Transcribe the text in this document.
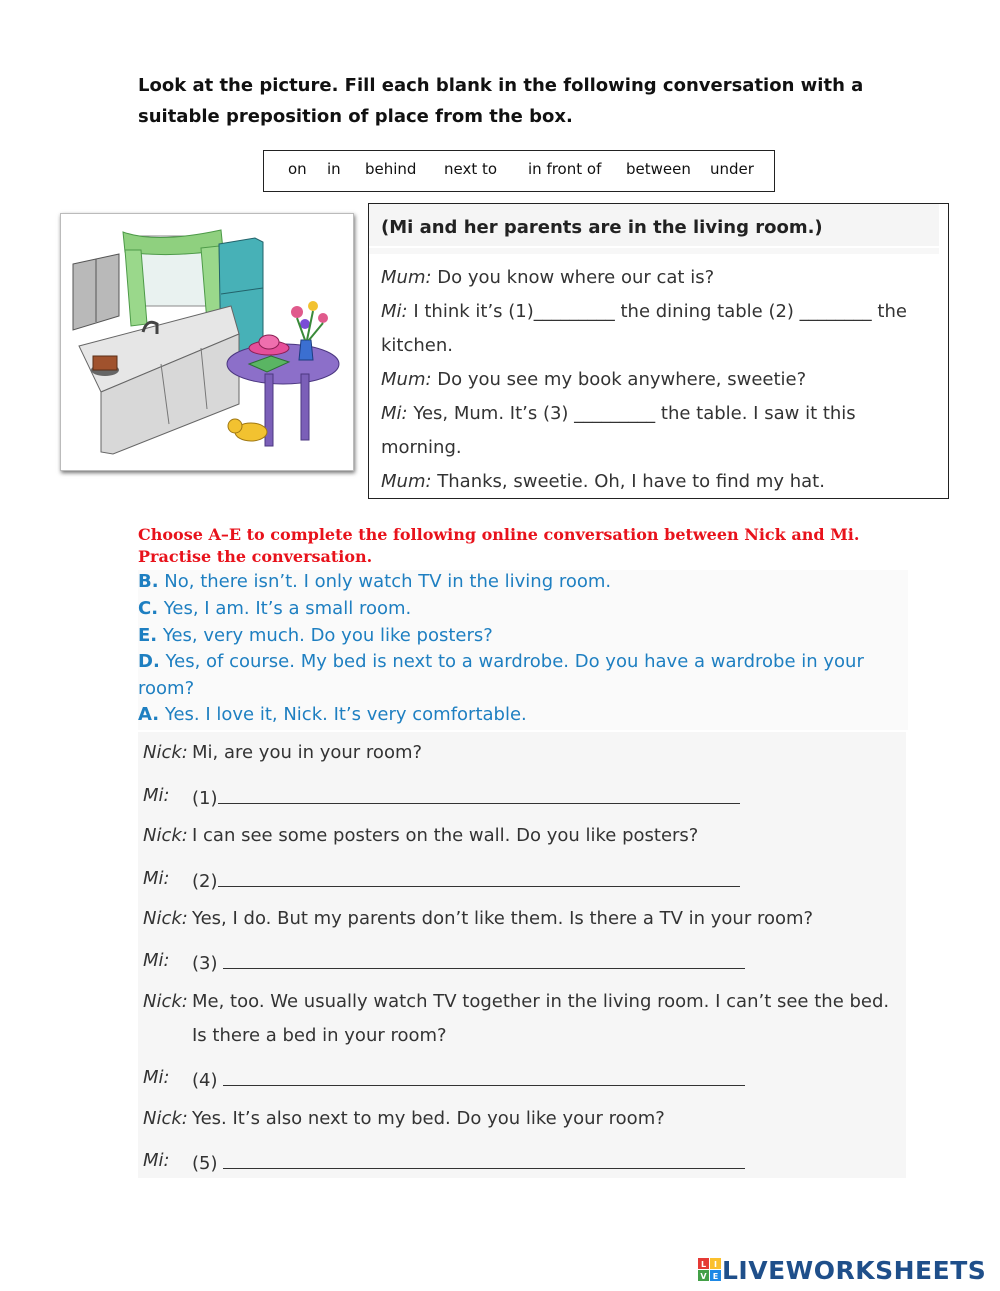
Look at the picture. Fill each blank in the following conversation with a suitable preposition of place from the box.
on in behind next to in front of between under
(Mi and her parents are in the living room.)
Mum: Do you know where our cat is?
Mi: I think it’s (1)_________ the dining table (2) ________ the
kitchen.
Mum: Do you see my book anywhere, sweetie?
Mi: Yes, Mum. It’s (3) _________ the table. I saw it this
morning.
Mum: Thanks, sweetie. Oh, I have to find my hat.
Choose A–E to complete the following online conversation between Nick and Mi. Practise the conversation.
B. No, there isn’t. I only watch TV in the living room.
C. Yes, I am. It’s a small room.
E. Yes, very much. Do you like posters?
D. Yes, of course. My bed is next to a wardrobe. Do you have a wardrobe in your
room?
A. Yes. I love it, Nick. It’s very comfortable.
Nick: Mi, are you in your room?
Mi: (1)
Nick: I can see some posters on the wall. Do you like posters?
Mi: (2)
Nick: Yes, I do. But my parents don’t like them. Is there a TV in your room?
Mi: (3)
Nick: Me, too. We usually watch TV together in the living room. I can’t see the bed.
Is there a bed in your room?
Mi: (4)
Nick: Yes. It’s also next to my bed. Do you like your room?
Mi: (5)
L I
V E LIVEWORKSHEETS
